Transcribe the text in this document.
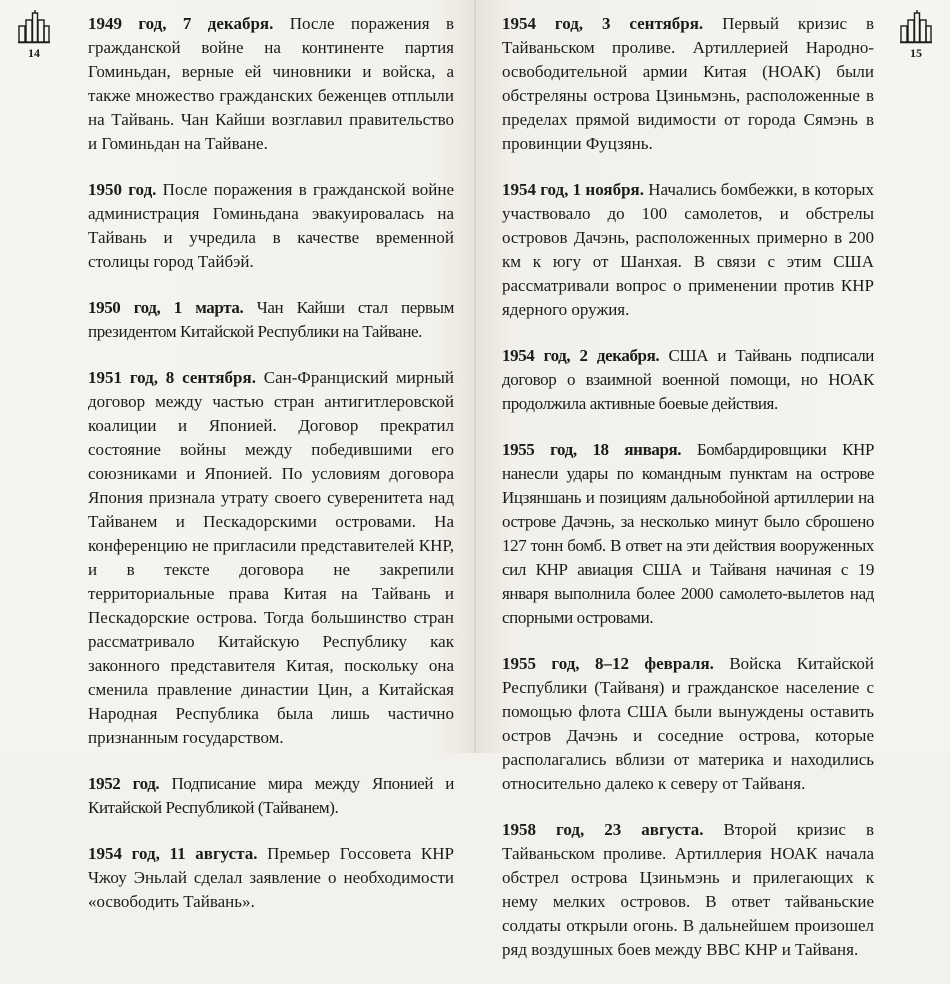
14

1949 год, 7 декабря. После поражения в гражданской войне на континенте партия Гоминьдан, верные ей чиновники и войска, а также множество гражданских беженцев отплыли на Тайвань. Чан Кайши возглавил правительство и Гоминьдан на Тайване.

1950 год. После поражения в гражданской войне администрация Гоминьдана эвакуировалась на Тайвань и учредила в качестве временной столицы город Тайбэй.

1950 год, 1 марта. Чан Кайши стал первым президентом Китайской Республики на Тайване.

1951 год, 8 сентября. Сан-Франциский мирный договор между частью стран антигитлеровской коалиции и Японией. Договор прекратил состояние войны между победившими его союзниками и Японией. По условиям договора Япония признала утрату своего суверенитета над Тайванем и Пескадорскими островами. На конференцию не пригласили представителей КНР, и в тексте договора не закрепили территориальные права Китая на Тайвань и Пескадорские острова. Тогда большинство стран рассматривало Китайскую Республику как законного представителя Китая, поскольку она сменила правление династии Цин, а Китайская Народная Республика была лишь частично признанным государством.

1952 год. Подписание мира между Японией и Китайской Республикой (Тайванем).

1954 год, 11 августа. Премьер Госсовета КНР Чжоу Эньлай сделал заявление о необходимости «освободить Тайвань».

15

1954 год, 3 сентября. Первый кризис в Тайваньском проливе. Артиллерией Народно-освободительной армии Китая (НОАК) были обстреляны острова Цзиньмэнь, расположенные в пределах прямой видимости от города Сямэнь в провинции Фуцзянь.

1954 год, 1 ноября. Начались бомбежки, в которых участвовало до 100 самолетов, и обстрелы островов Дачэнь, расположенных примерно в 200 км к югу от Шанхая. В связи с этим США рассматривали вопрос о применении против КНР ядерного оружия.

1954 год, 2 декабря. США и Тайвань подписали договор о взаимной военной помощи, но НОАК продолжила активные боевые действия.

1955 год, 18 января. Бомбардировщики КНР нанесли удары по командным пунктам на острове Ицзяншань и позициям дальнобойной артиллерии на острове Дачэнь, за несколько минут было сброшено 127 тонн бомб. В ответ на эти действия вооруженных сил КНР авиация США и Тайваня начиная с 19 января выполнила более 2000 самолето-вылетов над спорными островами.

1955 год, 8–12 февраля. Войска Китайской Республики (Тайваня) и гражданское население с помощью флота США были вынуждены оставить остров Дачэнь и соседние острова, которые располагались вблизи от материка и находились относительно далеко к северу от Тайваня.

1958 год, 23 августа. Второй кризис в Тайваньском проливе. Артиллерия НОАК начала обстрел острова Цзиньмэнь и прилегающих к нему мелких островов. В ответ тайваньские солдаты открыли огонь. В дальнейшем произошел ряд воздушных боев между ВВС КНР и Тайваня.
